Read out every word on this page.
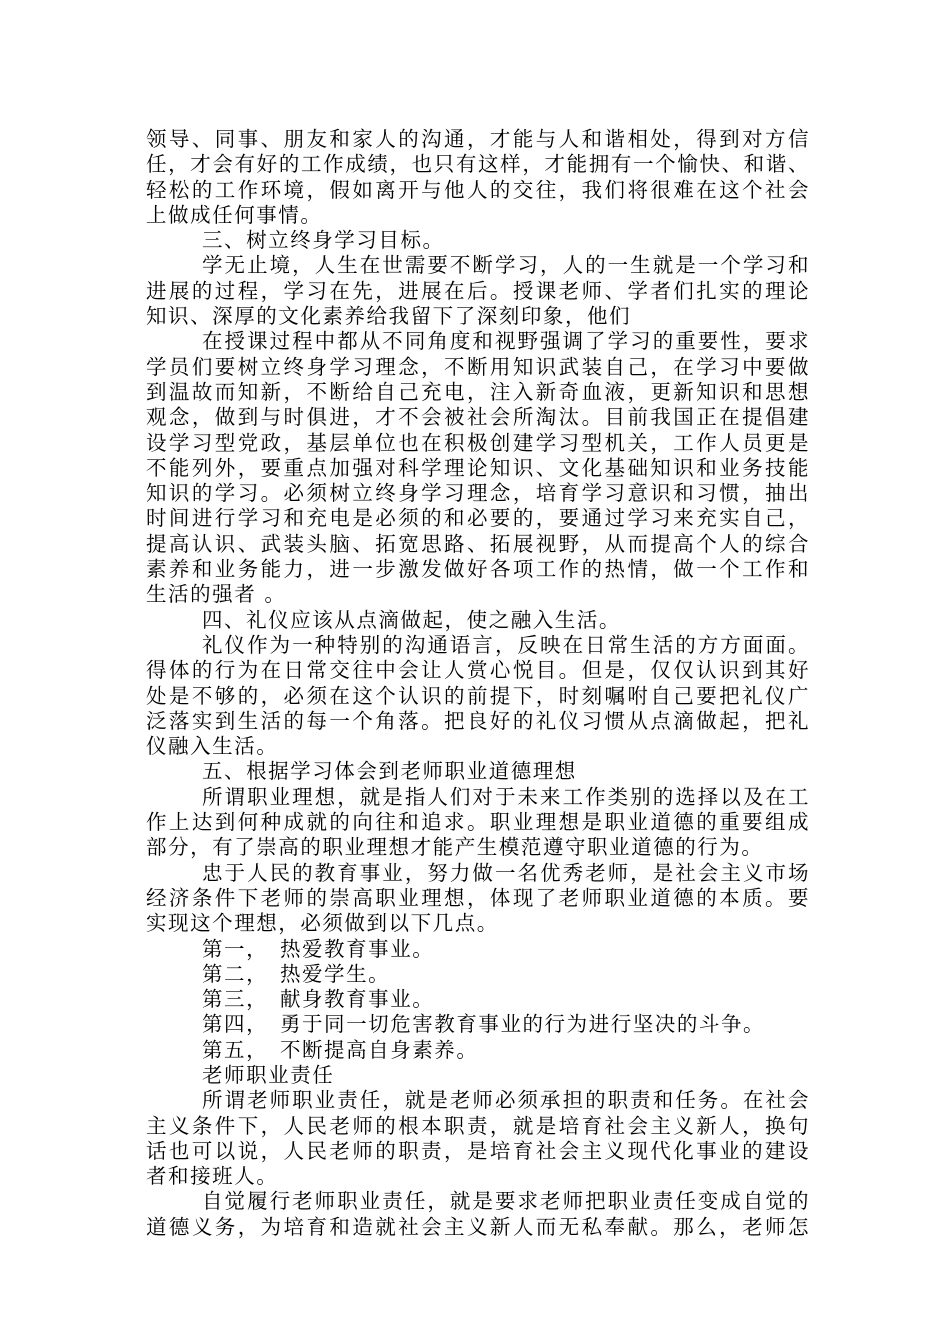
领导、同事、朋友和家人的沟通，才能与人和谐相处，得到对方信
任，才会有好的工作成绩，也只有这样，才能拥有一个愉快、和谐、
轻松的工作环境，假如离开与他人的交往，我们将很难在这个社会
上做成任何事情。
三、树立终身学习目标。
学无止境，人生在世需要不断学习，人的一生就是一个学习和
进展的过程，学习在先，进展在后。授课老师、学者们扎实的理论
知识、深厚的文化素养给我留下了深刻印象，他们
在授课过程中都从不同角度和视野强调了学习的重要性，要求
学员们要树立终身学习理念，不断用知识武装自己，在学习中要做
到温故而知新，不断给自己充电，注入新奇血液，更新知识和思想
观念，做到与时俱进，才不会被社会所淘汰。目前我国正在提倡建
设学习型党政，基层单位也在积极创建学习型机关，工作人员更是
不能列外，要重点加强对科学理论知识、文化基础知识和业务技能
知识的学习。必须树立终身学习理念，培育学习意识和习惯，抽出
时间进行学习和充电是必须的和必要的，要通过学习来充实自己，
提高认识、武装头脑、拓宽思路、拓展视野，从而提高个人的综合
素养和业务能力，进一步激发做好各项工作的热情，做一个工作和
生活的强者 。
四、礼仪应该从点滴做起，使之融入生活。
礼仪作为一种特别的沟通语言，反映在日常生活的方方面面。
得体的行为在日常交往中会让人赏心悦目。但是，仅仅认识到其好
处是不够的，必须在这个认识的前提下，时刻嘱咐自己要把礼仪广
泛落实到生活的每一个角落。把良好的礼仪习惯从点滴做起，把礼
仪融入生活。
五、根据学习体会到老师职业道德理想
所谓职业理想，就是指人们对于未来工作类别的选择以及在工
作上达到何种成就的向往和追求。职业理想是职业道德的重要组成
部分，有了崇高的职业理想才能产生模范遵守职业道德的行为。
忠于人民的教育事业，努力做一名优秀老师，是社会主义市场
经济条件下老师的崇高职业理想，体现了老师职业道德的本质。要
实现这个理想，必须做到以下几点。
第一，　热爱教育事业。
第二，　热爱学生。
第三，　献身教育事业。
第四，　勇于同一切危害教育事业的行为进行坚决的斗争。
第五，　不断提高自身素养。
老师职业责任
所谓老师职业责任，就是老师必须承担的职责和任务。在社会
主义条件下，人民老师的根本职责，就是培育社会主义新人，换句
话也可以说，人民老师的职责，是培育社会主义现代化事业的建设
者和接班人。
自觉履行老师职业责任，就是要求老师把职业责任变成自觉的
道德义务，为培育和造就社会主义新人而无私奉献。那么，老师怎
